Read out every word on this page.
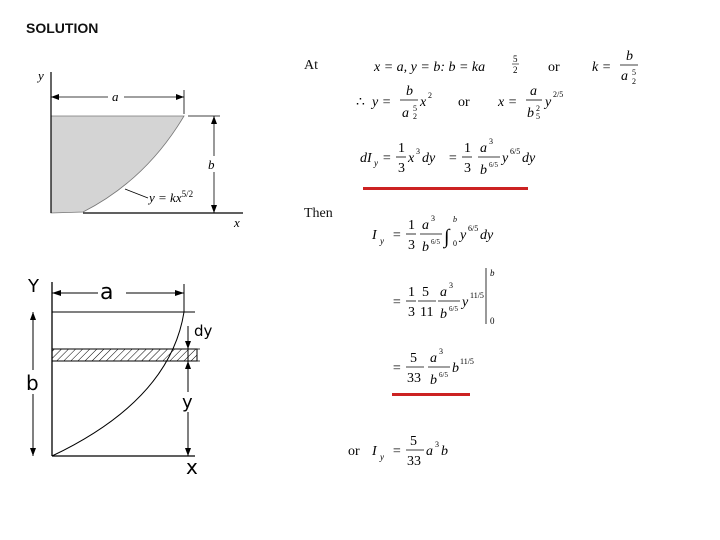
SOLUTION
y
x
a
b
$y = kx^{5/2}$
Y	a
b
dy
y
x
At
Then
x = a, y = b: b = ka
5
2 or k =
b
a 5
2
∴ y =
b
a 5
2
x 2 or x =
a
b 2
5
y
2/5
dI y =
1
3
x 3 dy =
1
3
a 3
b 6/5 y 6/5 dy
I y =
1
3
a 3
b 6/5 ∫
b
0
y 6/5 dy
=
1
3
5
11
a 3
b 6/5 y 11/5
b
0
=
5
33
a 3
b 6/5 b 11/5
or I y =
5
33
a 3 b
